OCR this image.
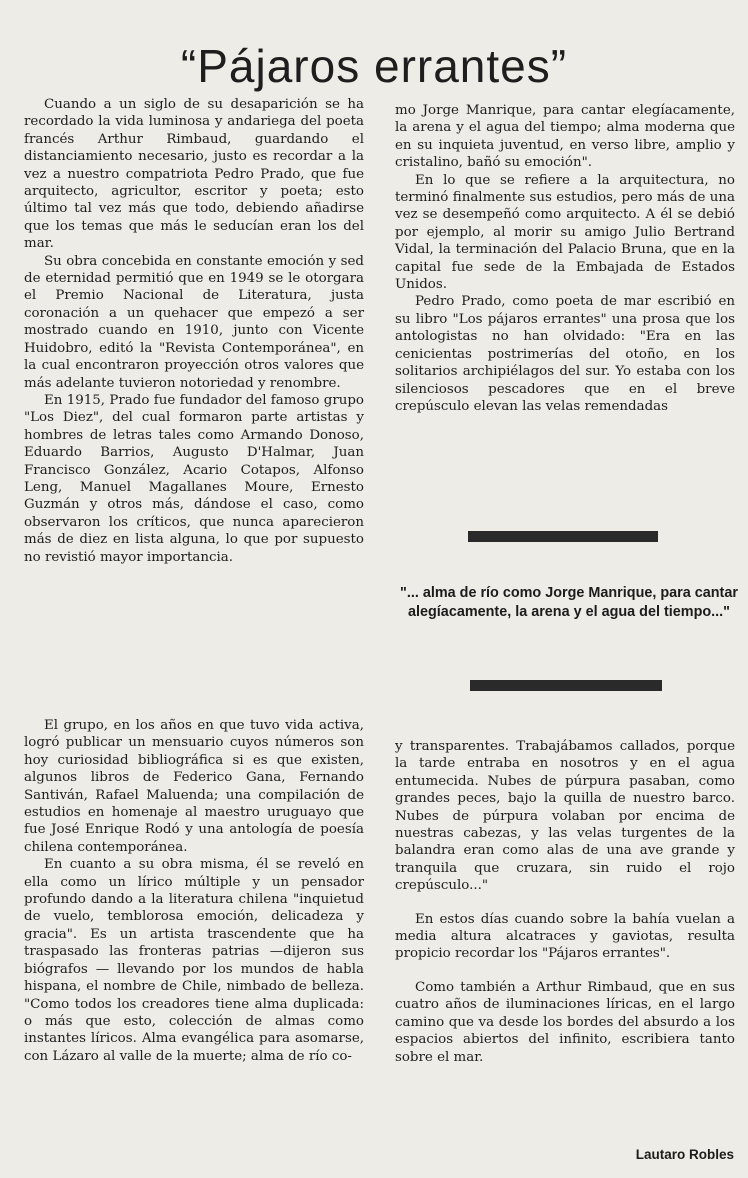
“Pájaros errantes”

Cuando a un siglo de su desaparición se ha recordado la vida luminosa y andariega del poeta francés Arthur Rimbaud, guardando el distanciamiento necesario, justo es recordar a la vez a nuestro compatriota Pedro Prado, que fue arquitecto, agricultor, escritor y poeta; esto último tal vez más que todo, debiendo añadirse que los temas que más le seducían eran los del mar.

Su obra concebida en constante emoción y sed de eternidad permitió que en 1949 se le otorgara el Premio Nacional de Literatura, justa coronación a un quehacer que empezó a ser mostrado cuando en 1910, junto con Vicente Huidobro, editó la "Revista Contemporánea", en la cual encontraron proyección otros valores que más adelante tuvieron notoriedad y renombre.

En 1915, Prado fue fundador del famoso grupo "Los Diez", del cual formaron parte artistas y hombres de letras tales como Armando Donoso, Eduardo Barrios, Augusto D'Halmar, Juan Francisco González, Acario Cotapos, Alfonso Leng, Manuel Magallanes Moure, Ernesto Guzmán y otros más, dándose el caso, como observaron los críticos, que nunca aparecieron más de diez en lista alguna, lo que por supuesto no revistió mayor importancia.

El grupo, en los años en que tuvo vida activa, logró publicar un mensuario cuyos números son hoy curiosidad bibliográfica si es que existen, algunos libros de Federico Gana, Fernando Santiván, Rafael Maluenda; una compilación de estudios en homenaje al maestro uruguayo que fue José Enrique Rodó y una antología de poesía chilena contemporánea.

En cuanto a su obra misma, él se reveló en ella como un lírico múltiple y un pensador profundo dando a la literatura chilena "inquietud de vuelo, temblorosa emoción, delicadeza y gracia". Es un artista trascendente que ha traspasado las fronteras patrias —dijeron sus biógrafos — llevando por los mundos de habla hispana, el nombre de Chile, nimbado de belleza. "Como todos los creadores tiene alma duplicada: o más que esto, colección de almas como instantes líricos. Alma evangélica para asomarse, con Lázaro al valle de la muerte; alma de río co-

mo Jorge Manrique, para cantar elegíacamente, la arena y el agua del tiempo; alma moderna que en su inquieta juventud, en verso libre, amplio y cristalino, bañó su emoción".

En lo que se refiere a la arquitectura, no terminó finalmente sus estudios, pero más de una vez se desempeñó como arquitecto. A él se debió por ejemplo, al morir su amigo Julio Bertrand Vidal, la terminación del Palacio Bruna, que en la capital fue sede de la Embajada de Estados Unidos.

Pedro Prado, como poeta de mar escribió en su libro "Los pájaros errantes" una prosa que los antologistas no han olvidado: "Era en las cenicientas postrimerías del otoño, en los solitarios archipiélagos del sur. Yo estaba con los silenciosos pescadores que en el breve crepúsculo elevan las velas remendadas

"... alma de río como Jorge Manrique, para cantar alegíacamente, la arena y el agua del tiempo..."

y transparentes. Trabajábamos callados, porque la tarde entraba en nosotros y en el agua entumecida. Nubes de púrpura pasaban, como grandes peces, bajo la quilla de nuestro barco. Nubes de púrpura volaban por encima de nuestras cabezas, y las velas turgentes de la balandra eran como alas de una ave grande y tranquila que cruzara, sin ruido el rojo crepúsculo..."

En estos días cuando sobre la bahía vuelan a media altura alcatraces y gaviotas, resulta propicio recordar los "Pájaros errantes".

Como también a Arthur Rimbaud, que en sus cuatro años de iluminaciones líricas, en el largo camino que va desde los bordes del absurdo a los espacios abiertos del infinito, escribiera tanto sobre el mar.

Lautaro Robles
